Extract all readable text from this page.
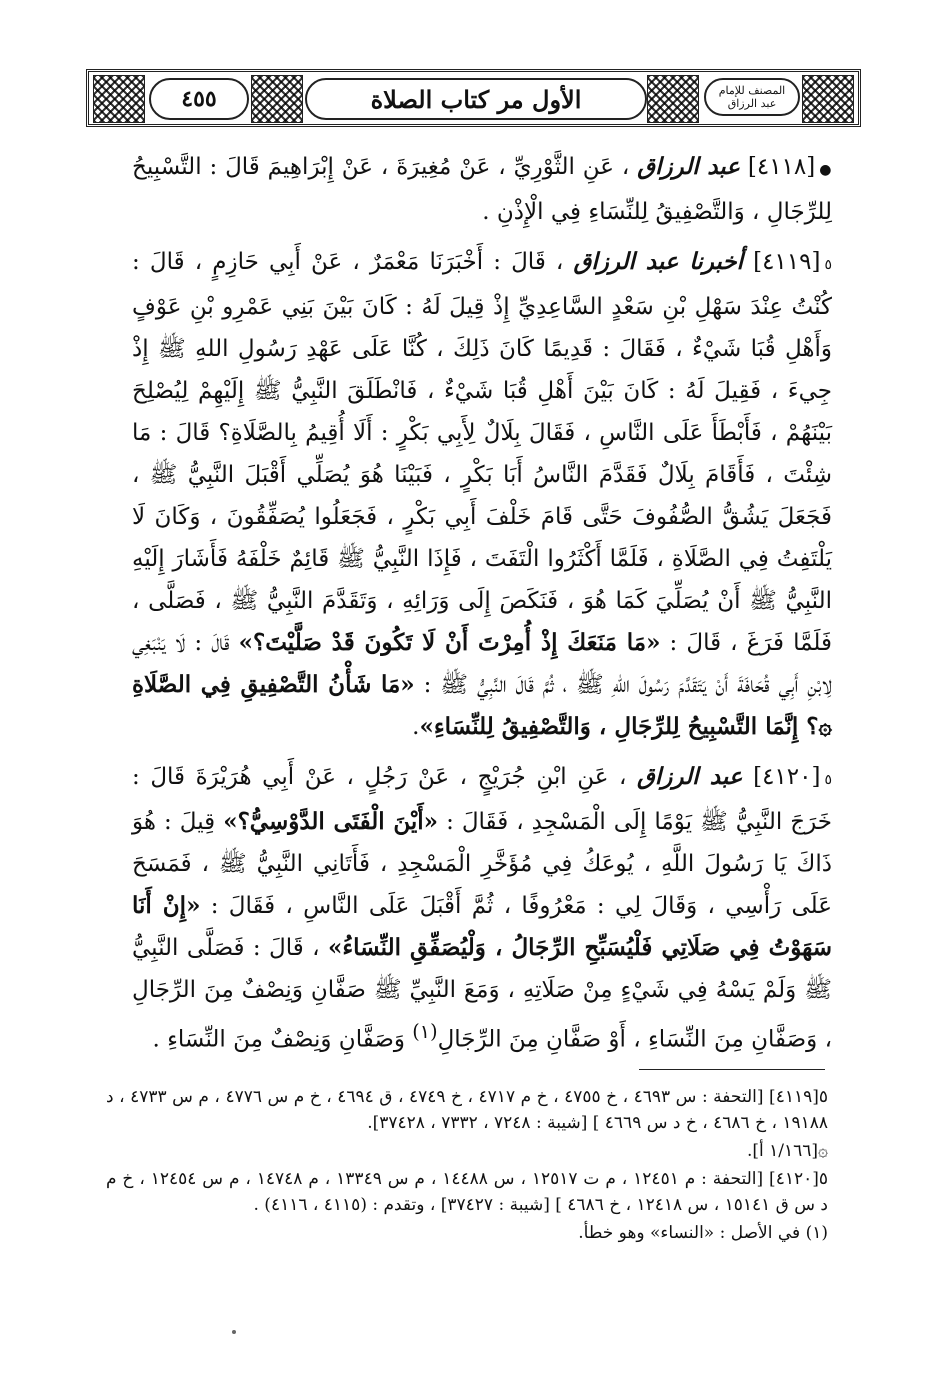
٤٥٥	الأول مر كتاب الصلاة	المصنف للإمام عبد الرزاق

●[٤١١٨] عبد الرزاق ، عَنِ الثَّوْرِيِّ ، عَنْ مُغِيرَةَ ، عَنْ إِبْرَاهِيمَ قَالَ : التَّسْبِيحُ لِلرِّجَالِ ، وَالتَّصْفِيقُ لِلنِّسَاءِ فِي الْإِذْنِ .

٥[٤١١٩] أخبرنا عبد الرزاق ، قَالَ : أَخْبَرَنَا مَعْمَرٌ ، عَنْ أَبِي حَازِمٍ ، قَالَ : كُنْتُ عِنْدَ سَهْلِ بْنِ سَعْدٍ السَّاعِدِيِّ إِذْ قِيلَ لَهُ : كَانَ بَيْنَ بَنِي عَمْرِو بْنِ عَوْفٍ وَأَهْلِ قُبَا شَيْءٌ ، فَقَالَ : قَدِيمًا كَانَ ذَلِكَ ، كُنَّا عَلَى عَهْدِ رَسُولِ اللهِ ﷺ إِذْ جِيءَ ، فَقِيلَ لَهُ : كَانَ بَيْنَ أَهْلِ قُبَا شَيْءٌ ، فَانْطَلَقَ النَّبِيُّ ﷺ إِلَيْهِمْ لِيُصْلِحَ بَيْنَهُمْ ، فَأَبْطَأَ عَلَى النَّاسِ ، فَقَالَ بِلَالٌ لِأَبِي بَكْرٍ : أَلَا أُقِيمُ بِالصَّلَاةِ؟ قَالَ : مَا شِئْتَ ، فَأَقَامَ بِلَالٌ فَقَدَّمَ النَّاسُ أَبَا بَكْرٍ ، فَبَيْنَا هُوَ يُصَلِّي أَقْبَلَ النَّبِيُّ ﷺ ، فَجَعَلَ يَشُقُّ الصُّفُوفَ حَتَّى قَامَ خَلْفَ أَبِي بَكْرٍ ، فَجَعَلُوا يُصَفِّقُونَ ، وَكَانَ لَا يَلْتَفِتُ فِي الصَّلَاةِ ، فَلَمَّا أَكْثَرُوا الْتَفَتَ ، فَإِذَا النَّبِيُّ ﷺ قَائِمٌ خَلْفَهُ فَأَشَارَ إِلَيْهِ النَّبِيُّ ﷺ أَنْ يُصَلِّيَ كَمَا هُوَ ، فَنَكَصَ إِلَى وَرَائِهِ ، وَتَقَدَّمَ النَّبِيُّ ﷺ ، فَصَلَّى ، فَلَمَّا فَرَغَ ، قَالَ : «مَا مَنَعَكَ إِذْ أُمِرْتَ أَنْ لَا تَكُونَ قَدْ صَلَّيْتَ؟» قَالَ : لَا يَنْبَغِي لِابْنِ أَبِي قُحَافَةَ أَنْ يَتَقَدَّمَ رَسُولَ اللهِ ﷺ ، ثُمَّ قَالَ النَّبِيُّ ﷺ : «مَا شَأْنُ التَّصْفِيقِ فِي الصَّلَاةِ ۞؟ إِنَّمَا التَّسْبِيحُ لِلرِّجَالِ ، وَالتَّصْفِيقُ لِلنِّسَاءِ».

٥[٤١٢٠] عبد الرزاق ، عَنِ ابْنِ جُرَيْجٍ ، عَنْ رَجُلٍ ، عَنْ أَبِي هُرَيْرَةَ قَالَ : خَرَجَ النَّبِيُّ ﷺ يَوْمًا إِلَى الْمَسْجِدِ ، فَقَالَ : «أَيْنَ الْفَتَى الدَّوْسِيُّ؟» قِيلَ : هُوَ ذَاكَ يَا رَسُولَ اللَّهِ ، يُوعَكُ فِي مُؤَخَّرِ الْمَسْجِدِ ، فَأَتَانِي النَّبِيُّ ﷺ ، فَمَسَحَ عَلَى رَأْسِي ، وَقَالَ لِي : مَعْرُوفًا ، ثُمَّ أَقْبَلَ عَلَى النَّاسِ ، فَقَالَ : «إِنْ أَنَا سَهَوْتُ فِي صَلَاتِي فَلْيُسَبِّحِ الرِّجَالُ ، وَلْيُصَفِّقِ النِّسَاءُ» ، قَالَ : فَصَلَّى النَّبِيُّ ﷺ وَلَمْ يَسْهُ فِي شَيْءٍ مِنْ صَلَاتِهِ ، وَمَعَ النَّبِيِّ ﷺ صَفَّانِ وَنِصْفٌ مِنَ الرِّجَالِ ، وَصَفَّانِ مِنَ النِّسَاءِ ، أَوْ صَفَّانِ مِنَ الرِّجَالِ$^{(١)}$ وَصَفَّانِ وَنِصْفٌ مِنَ النِّسَاءِ .

٥[٤١١٩] [التحفة : س ٤٦٩٣ ، خ ٤٧٥٥ ، خ م ٤٧١٧ ، خ ٤٧٤٩ ، ق ٤٦٩٤ ، خ م س ٤٧٧٦ ، م س ٤٧٣٣ ، د ١٩١٨٨ ، خ ٤٦٨٦ ، خ د س ٤٦٦٩ ] [شيبة : ٧٢٤٨ ، ٧٣٣٢ ، ٣٧٤٢٨].

۞[١/١٦٦ أ].

٥[٤١٢٠] [التحفة : م ١٢٤٥١ ، م ت ١٢٥١٧ ، س ١٤٤٨٨ ، م س ١٣٣٤٩ ، م ١٤٧٤٨ ، م س ١٢٤٥٤ ، خ م د س ق ١٥١٤١ ، س ١٢٤١٨ ، خ ٤٦٨٦ ] [شيبة : ٣٧٤٢٧] ، وتقدم : (٤١١٥ ، ٤١١٦) .

(١) في الأصل : «النساء» وهو خطأ.
